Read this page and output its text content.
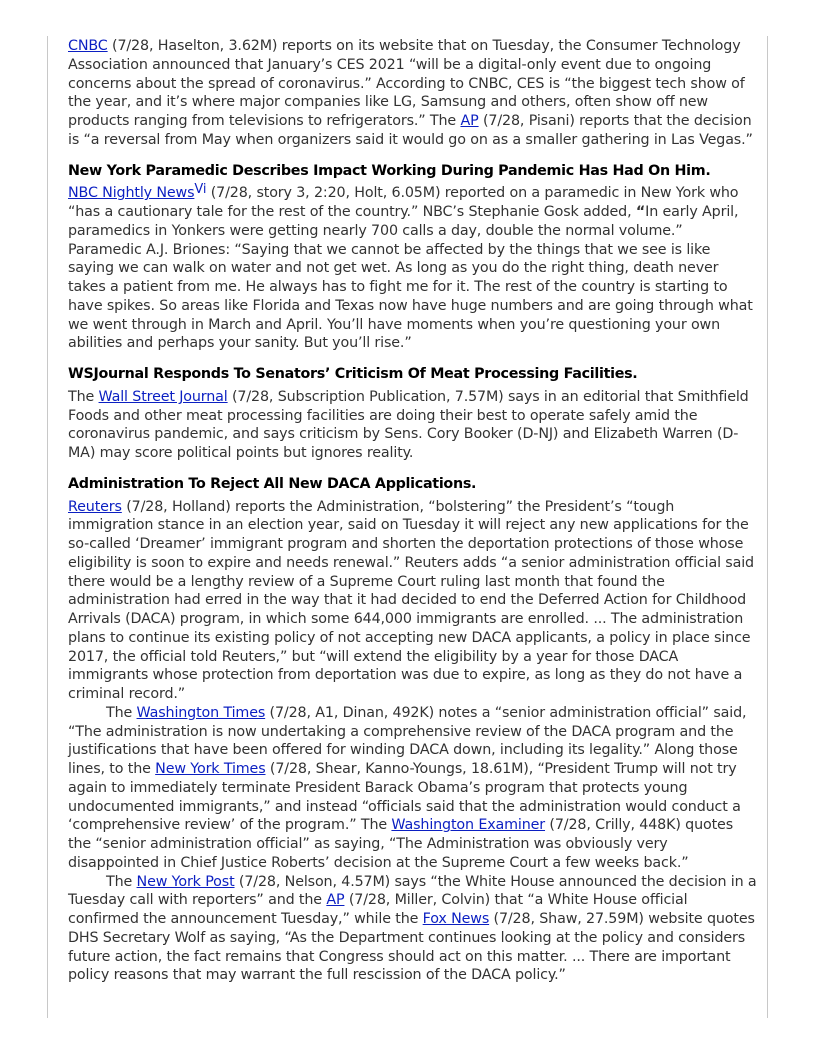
CNBC (7/28, Haselton, 3.62M) reports on its website that on Tuesday, the Consumer Technology Association announced that January’s CES 2021 “will be a digital-only event due to ongoing concerns about the spread of coronavirus.” According to CNBC, CES is “the biggest tech show of the year, and it’s where major companies like LG, Samsung and others, often show off new products ranging from televisions to refrigerators.” The AP (7/28, Pisani) reports that the decision is “a reversal from May when organizers said it would go on as a smaller gathering in Las Vegas.”

New York Paramedic Describes Impact Working During Pandemic Has Had On Him.

NBC Nightly News$^{Vi}$ (7/28, story 3, 2:20, Holt, 6.05M) reported on a paramedic in New York who “has a cautionary tale for the rest of the country.” NBC’s Stephanie Gosk added, “In early April, paramedics in Yonkers were getting nearly 700 calls a day, double the normal volume.” Paramedic A.J. Briones: “Saying that we cannot be affected by the things that we see is like saying we can walk on water and not get wet. As long as you do the right thing, death never takes a patient from me. He always has to fight me for it. The rest of the country is starting to have spikes. So areas like Florida and Texas now have huge numbers and are going through what we went through in March and April. You’ll have moments when you’re questioning your own abilities and perhaps your sanity. But you’ll rise.”

WSJournal Responds To Senators’ Criticism Of Meat Processing Facilities.

The Wall Street Journal (7/28, Subscription Publication, 7.57M) says in an editorial that Smithfield Foods and other meat processing facilities are doing their best to operate safely amid the coronavirus pandemic, and says criticism by Sens. Cory Booker (D-NJ) and Elizabeth Warren (D-MA) may score political points but ignores reality.

Administration To Reject All New DACA Applications.

Reuters (7/28, Holland) reports the Administration, “bolstering” the President’s “tough immigration stance in an election year, said on Tuesday it will reject any new applications for the so-called ‘Dreamer’ immigrant program and shorten the deportation protections of those whose eligibility is soon to expire and needs renewal.” Reuters adds “a senior administration official said there would be a lengthy review of a Supreme Court ruling last month that found the administration had erred in the way that it had decided to end the Deferred Action for Childhood Arrivals (DACA) program, in which some 644,000 immigrants are enrolled. ... The administration plans to continue its existing policy of not accepting new DACA applicants, a policy in place since 2017, the official told Reuters,” but “will extend the eligibility by a year for those DACA immigrants whose protection from deportation was due to expire, as long as they do not have a criminal record.”

The Washington Times (7/28, A1, Dinan, 492K) notes a “senior administration official” said, “The administration is now undertaking a comprehensive review of the DACA program and the justifications that have been offered for winding DACA down, including its legality.” Along those lines, to the New York Times (7/28, Shear, Kanno-Youngs, 18.61M), “President Trump will not try again to immediately terminate President Barack Obama’s program that protects young undocumented immigrants,” and instead “officials said that the administration would conduct a ‘comprehensive review’ of the program.” The Washington Examiner (7/28, Crilly, 448K) quotes the “senior administration official” as saying, “The Administration was obviously very disappointed in Chief Justice Roberts’ decision at the Supreme Court a few weeks back.”

The New York Post (7/28, Nelson, 4.57M) says “the White House announced the decision in a Tuesday call with reporters” and the AP (7/28, Miller, Colvin) that “a White House official confirmed the announcement Tuesday,” while the Fox News (7/28, Shaw, 27.59M) website quotes DHS Secretary Wolf as saying, “As the Department continues looking at the policy and considers future action, the fact remains that Congress should act on this matter. ... There are important policy reasons that may warrant the full rescission of the DACA policy.”
